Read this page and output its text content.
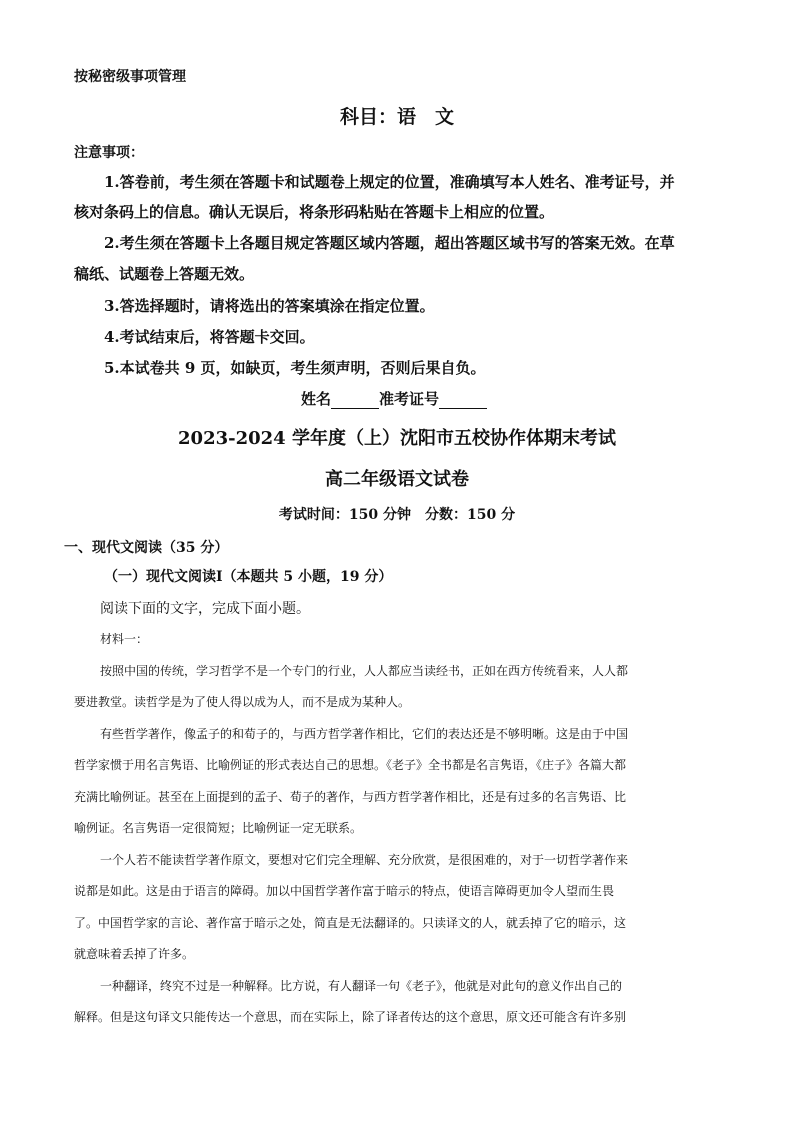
按秘密级事项管理
科目：语　文
注意事项：
1.答卷前，考生须在答题卡和试题卷上规定的位置，准确填写本人姓名、准考证号，并
核对条码上的信息。确认无误后，将条形码粘贴在答题卡上相应的位置。
2.考生须在答题卡上各题目规定答题区域内答题，超出答题区域书写的答案无效。在草
稿纸、试题卷上答题无效。
3.答选择题时，请将选出的答案填涂在指定位置。
4.考试结束后，将答题卡交回。
5.本试卷共 9 页，如缺页，考生须声明，否则后果自负。
姓名	准考证号
2023-2024 学年度（上）沈阳市五校协作体期末考试
高二年级语文试卷
考试时间：150 分钟　分数：150 分
一、现代文阅读（35 分）
（一）现代文阅读Ⅰ（本题共 5 小题，19 分）
阅读下面的文字，完成下面小题。
材料一：
按照中国的传统，学习哲学不是一个专门的行业，人人都应当读经书，正如在西方传统看来，人人都
要进教堂。读哲学是为了使人得以成为人，而不是成为某种人。
有些哲学著作，像孟子的和荀子的，与西方哲学著作相比，它们的表达还是不够明晰。这是由于中国
哲学家惯于用名言隽语、比喻例证的形式表达自己的思想。《老子》全书都是名言隽语，《庄子》各篇大都
充满比喻例证。甚至在上面提到的孟子、荀子的著作，与西方哲学著作相比，还是有过多的名言隽语、比
喻例证。名言隽语一定很简短；比喻例证一定无联系。
一个人若不能读哲学著作原文，要想对它们完全理解、充分欣赏，是很困难的，对于一切哲学著作来
说都是如此。这是由于语言的障碍。加以中国哲学著作富于暗示的特点，使语言障碍更加令人望而生畏
了。中国哲学家的言论、著作富于暗示之处，简直是无法翻译的。只读译文的人，就丢掉了它的暗示，这
就意味着丢掉了许多。
一种翻译，终究不过是一种解释。比方说，有人翻译一句《老子》，他就是对此句的意义作出自己的
解释。但是这句译文只能传达一个意思，而在实际上，除了译者传达的这个意思，原文还可能含有许多别
